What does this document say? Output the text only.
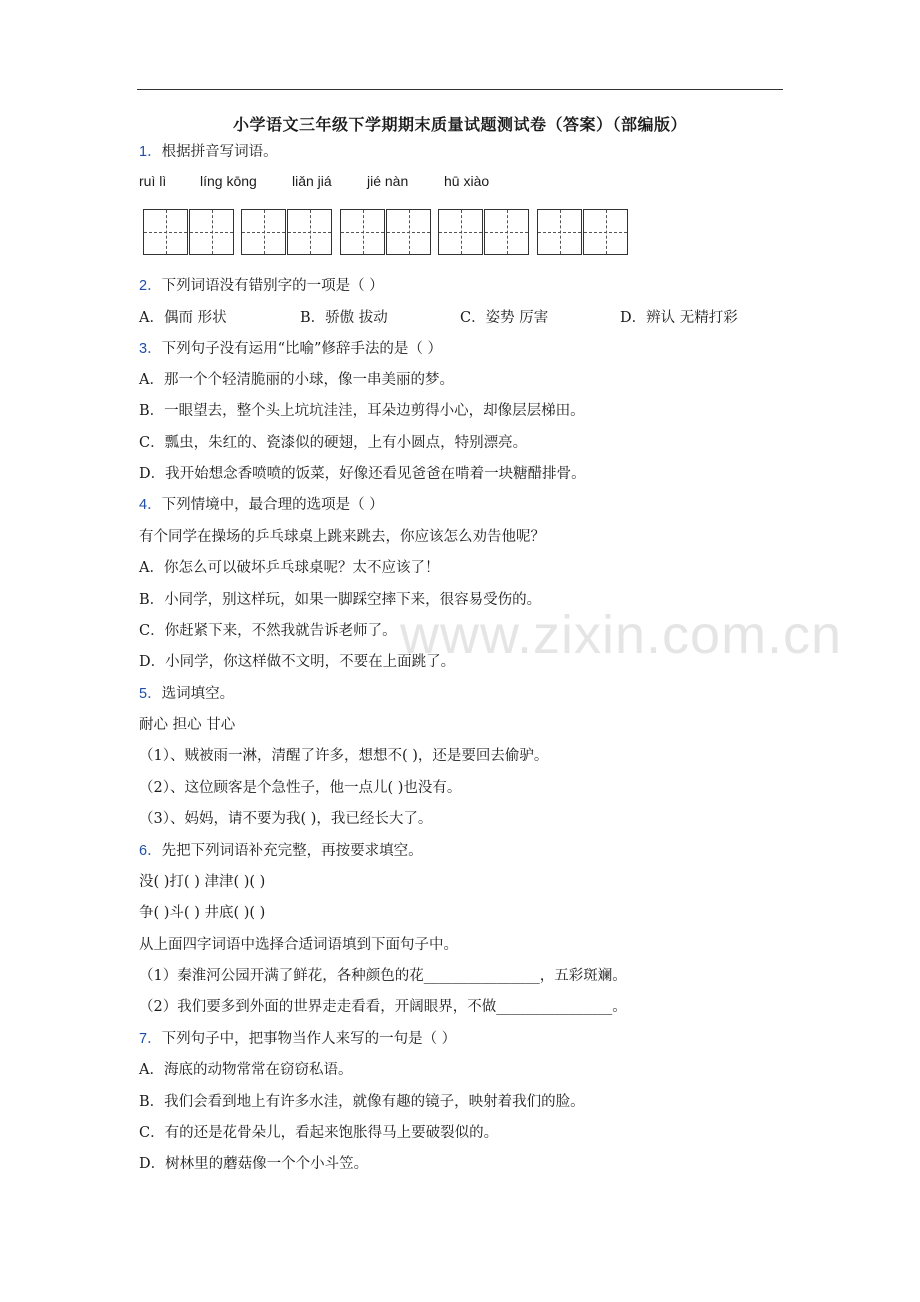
小学语文三年级下学期期末质量试题测试卷（答案）（部编版）
1．根据拼音写词语。
ruì lì líng kōng	liǎn jiá	jié nàn	hū xiào
2．下列词语没有错别字的一项是（ ）
A．偶而 形状	B．骄傲 拔动	C．姿势 厉害	D．辨认 无精打彩
3．下列句子没有运用“比喻”修辞手法的是（ ）
A．那一个个轻清脆丽的小球，像一串美丽的梦。
B．一眼望去，整个头上坑坑洼洼，耳朵边剪得小心，却像层层梯田。
C．瓢虫，朱红的、瓷漆似的硬翅，上有小圆点，特别漂亮。
D．我开始想念香喷喷的饭菜，好像还看见爸爸在啃着一块糖醋排骨。
4．下列情境中，最合理的选项是（ ）
有个同学在操场的乒乓球桌上跳来跳去，你应该怎么劝告他呢？
A．你怎么可以破坏乒乓球桌呢？太不应该了！
B．小同学，别这样玩，如果一脚踩空摔下来，很容易受伤的。
C．你赶紧下来，不然我就告诉老师了。
D．小同学，你这样做不文明，不要在上面跳了。
5．选词填空。
耐心 担心 甘心
（1）、贼被雨一淋，清醒了许多，想想不( )，还是要回去偷驴。
（2）、这位顾客是个急性子，他一点儿( )也没有。
（3）、妈妈，请不要为我( )，我已经长大了。
6．先把下列词语补充完整，再按要求填空。
没( )打( ) 津津( )( )
争( )斗( ) 井底( )( )
从上面四字词语中选择合适词语填到下面句子中。
（1）秦淮河公园开满了鲜花，各种颜色的花________________，五彩斑斓。
（2）我们要多到外面的世界走走看看，开阔眼界，不做________________。
7．下列句子中，把事物当作人来写的一句是（ ）
A．海底的动物常常在窃窃私语。
B．我们会看到地上有许多水洼，就像有趣的镜子，映射着我们的脸。
C．有的还是花骨朵儿，看起来饱胀得马上要破裂似的。
D．树林里的蘑菇像一个个小斗笠。
www.zixin.com.cn
